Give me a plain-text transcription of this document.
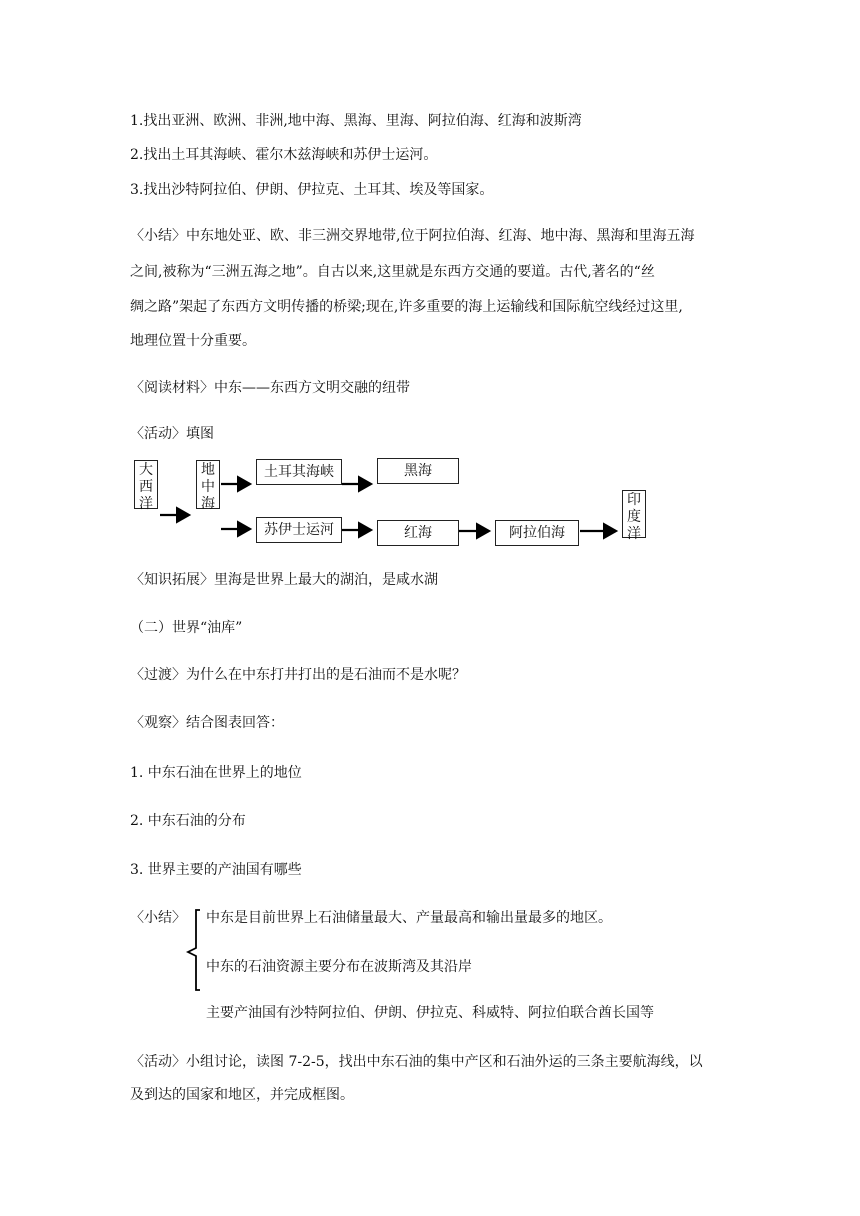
1.找出亚洲、欧洲、非洲,地中海、黑海、里海、阿拉伯海、红海和波斯湾
2.找出土耳其海峡、霍尔木兹海峡和苏伊士运河。
3.找出沙特阿拉伯、伊朗、伊拉克、土耳其、埃及等国家。
〈小结〉中东地处亚、欧、非三洲交界地带,位于阿拉伯海、红海、地中海、黑海和里海五海
之间,被称为“三洲五海之地”。自古以来,这里就是东西方交通的要道。古代,著名的“丝
绸之路”架起了东西方文明传播的桥梁;现在,许多重要的海上运输线和国际航空线经过这里,
地理位置十分重要。
〈阅读材料〉中东——东西方文明交融的纽带
〈活动〉填图
大西洋
地中海
土耳其海峡	黑海
苏伊士运河	红海	阿拉伯海
印度洋
〈知识拓展〉里海是世界上最大的湖泊，是咸水湖
（二）世界“油库”
〈过渡〉为什么在中东打井打出的是石油而不是水呢？
〈观察〉结合图表回答：
1. 中东石油在世界上的地位
2. 中东石油的分布
3. 世界主要的产油国有哪些
〈小结〉 中东是目前世界上石油储量最大、产量最高和输出量最多的地区。
中东的石油资源主要分布在波斯湾及其沿岸
主要产油国有沙特阿拉伯、伊朗、伊拉克、科威特、阿拉伯联合酋长国等
〈活动〉小组讨论，读图 7-2-5，找出中东石油的集中产区和石油外运的三条主要航海线，以
及到达的国家和地区，并完成框图。
